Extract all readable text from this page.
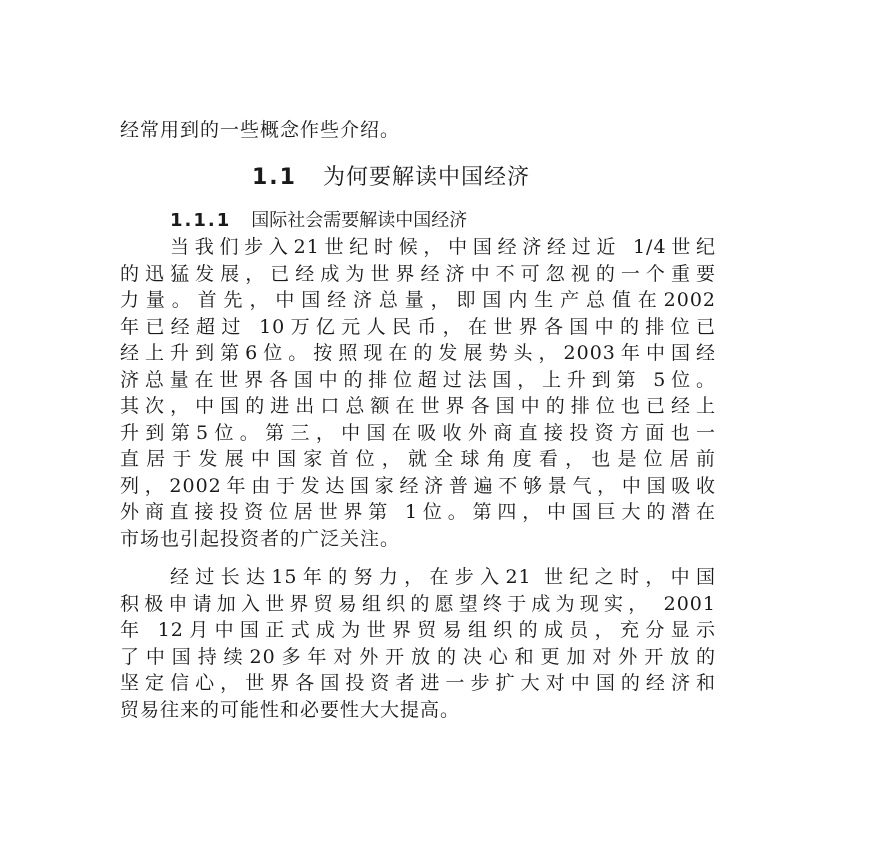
经常用到的一些概念作些介绍。
1.1 为何要解读中国经济
1.1.1 国际社会需要解读中国经济
当我们步入21世纪时候，中国经济经过近 1/4世纪
的迅猛发展，已经成为世界经济中不可忽视的一个重要
力量。首先，中国经济总量，即国内生产总值在2002
年已经超过 10万亿元人民币，在世界各国中的排位已
经上升到第6位。按照现在的发展势头，2003年中国经
济总量在世界各国中的排位超过法国，上升到第 5位。
其次，中国的进出口总额在世界各国中的排位也已经上
升到第5位。第三，中国在吸收外商直接投资方面也一
直居于发展中国家首位，就全球角度看，也是位居前
列，2002年由于发达国家经济普遍不够景气，中国吸收
外商直接投资位居世界第 1位。第四，中国巨大的潜在
市场也引起投资者的广泛关注。
经过长达15年的努力，在步入21 世纪之时，中国
积极申请加入世界贸易组织的愿望终于成为现实， 2001
年 12月中国正式成为世界贸易组织的成员，充分显示
了中国持续20多年对外开放的决心和更加对外开放的
坚定信心，世界各国投资者进一步扩大对中国的经济和
贸易往来的可能性和必要性大大提高。
